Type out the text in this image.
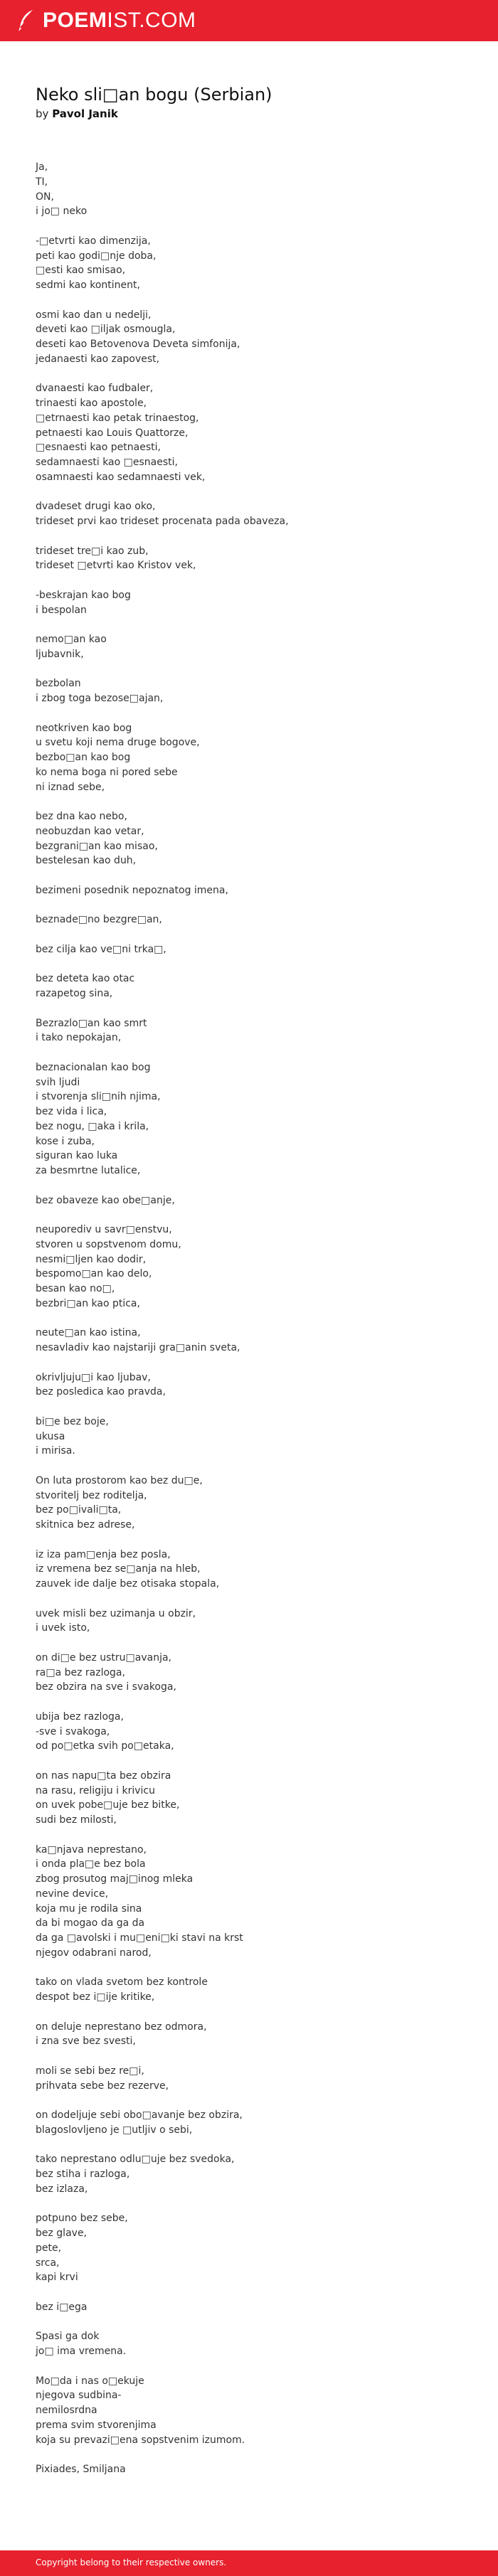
POEMIST.COM
Neko sli□an bogu (Serbian)
by Pavol Janik

Ja,
TI,
ON,
i jo□ neko

-□etvrti kao dimenzija,
peti kao godi□nje doba,
□esti kao smisao,
sedmi kao kontinent,

osmi kao dan u nedelji,
deveti kao □iljak osmougla,
deseti kao Betovenova Deveta simfonija,
jedanaesti kao zapovest,

dvanaesti kao fudbaler,
trinaesti kao apostole,
□etrnaesti kao petak trinaestog,
petnaesti kao Louis Quattorze,
□esnaesti kao petnaesti,
sedamnaesti kao □esnaesti,
osamnaesti kao sedamnaesti vek,

dvadeset drugi kao oko,
trideset prvi kao trideset procenata pada obaveza,

trideset tre□i kao zub,
trideset □etvrti kao Kristov vek,

-beskrajan kao bog
i bespolan

nemo□an kao
ljubavnik,

bezbolan
i zbog toga bezose□ajan,

neotkriven kao bog
u svetu koji nema druge bogove,
bezbo□an kao bog
ko nema boga ni pored sebe
ni iznad sebe,

bez dna kao nebo,
neobuzdan kao vetar,
bezgrani□an kao misao,
bestelesan kao duh,

bezimeni posednik nepoznatog imena,

beznade□no bezgre□an,

bez cilja kao ve□ni trka□,

bez deteta kao otac
razapetog sina,

Bezrazlo□an kao smrt
i tako nepokajan,

beznacionalan kao bog
svih ljudi
i stvorenja sli□nih njima,
bez vida i lica,
bez nogu, □aka i krila,
kose i zuba,
siguran kao luka
za besmrtne lutalice,

bez obaveze kao obe□anje,

neuporediv u savr□enstvu,
stvoren u sopstvenom domu,
nesmi□ljen kao dodir,
bespomo□an kao delo,
besan kao no□,
bezbri□an kao ptica,

neute□an kao istina,
nesavladiv kao najstariji gra□anin sveta,

okrivljuju□i kao ljubav,
bez posledica kao pravda,

bi□e bez boje,
ukusa
i mirisa.

On luta prostorom kao bez du□e,
stvoritelj bez roditelja,
bez po□ivali□ta,
skitnica bez adrese,

iz iza pam□enja bez posla,
iz vremena bez se□anja na hleb,
zauvek ide dalje bez otisaka stopala,

uvek misli bez uzimanja u obzir,
i uvek isto,

on di□e bez ustru□avanja,
ra□a bez razloga,
bez obzira na sve i svakoga,

ubija bez razloga,
-sve i svakoga,
od po□etka svih po□etaka,

on nas napu□ta bez obzira
na rasu, religiju i krivicu
on uvek pobe□uje bez bitke,
sudi bez milosti,

ka□njava neprestano,
i onda pla□e bez bola
zbog prosutog maj□inog mleka
nevine device,
koja mu je rodila sina
da bi mogao da ga da
da ga □avolski i mu□eni□ki stavi na krst
njegov odabrani narod,

tako on vlada svetom bez kontrole
despot bez i□ije kritike,

on deluje neprestano bez odmora,
i zna sve bez svesti,

moli se sebi bez re□i,
prihvata sebe bez rezerve,

on dodeljuje sebi obo□avanje bez obzira,
blagoslovljeno je □utljiv o sebi,

tako neprestano odlu□uje bez svedoka,
bez stiha i razloga,
bez izlaza,

potpuno bez sebe,
bez glave,
pete,
srca,
kapi krvi

bez i□ega

Spasi ga dok
jo□ ima vremena.

Mo□da i nas o□ekuje
njegova sudbina-
nemilosrdna
prema svim stvorenjima
koja su prevazi□ena sopstvenim izumom.

Pixiades, Smiljana

Copyright belong to their respective owners.
